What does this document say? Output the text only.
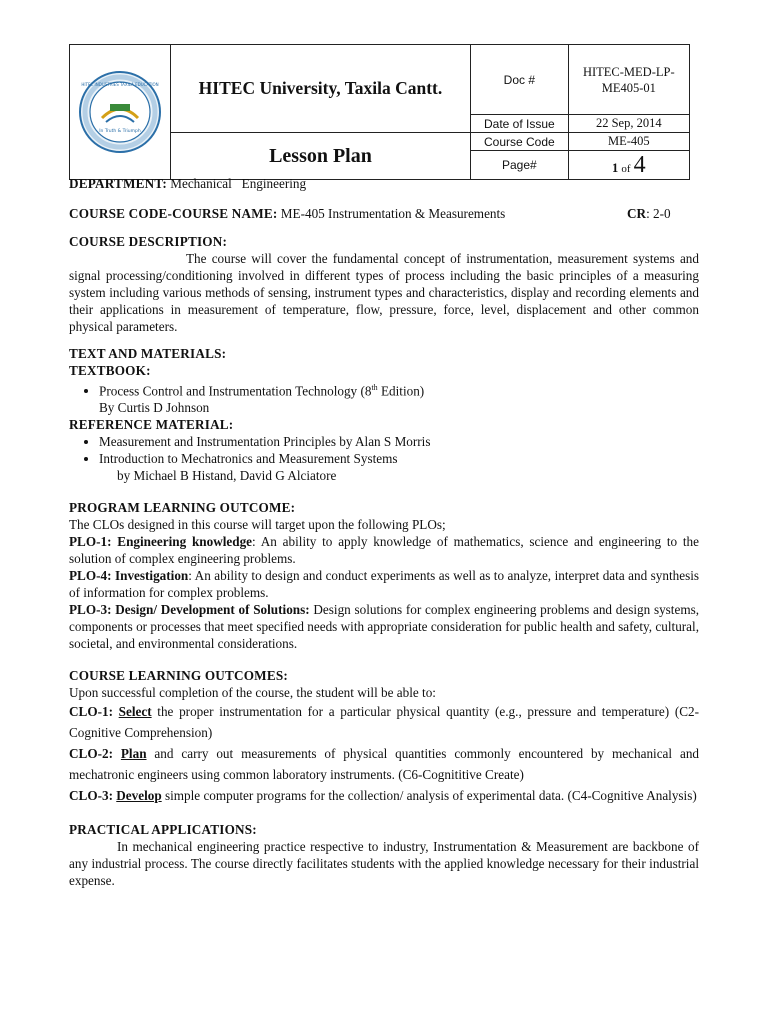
In Truth & Triumph
HITEC INDUSTRIES TAXILA EDUCATION	HITEC University, Taxila Cantt.	Doc #	HITEC-MED-LP-ME405-01
		Date of Issue	22 Sep, 2014

	Lesson Plan	Course Code	ME-405
		Page#	1 of 4

DEPARTMENT: Mechanical   Engineering

COURSE CODE-COURSE NAME: ME-405 Instrumentation & Measurements	CR: 2-0

COURSE DESCRIPTION:

The course will cover the fundamental concept of instrumentation, measurement systems and signal processing/conditioning involved in different types of process including the basic principles of a measuring system including various methods of sensing, instrument types and characteristics, display and recording elements and their applications in measurement of temperature, flow, pressure, force, level, displacement and other common physical parameters.

TEXT AND MATERIALS:

TEXTBOOK:

• Process Control and Instrumentation Technology (8th Edition)

By Curtis D Johnson

REFERENCE MATERIAL:

• Measurement and Instrumentation Principles by Alan S Morris
• Introduction to Mechatronics and Measurement Systems

by Michael B Histand, David G Alciatore

PROGRAM LEARNING OUTCOME:

The CLOs designed in this course will target upon the following PLOs;

PLO-1: Engineering knowledge: An ability to apply knowledge of mathematics, science and engineering to the solution of complex engineering problems.

PLO-4: Investigation: An ability to design and conduct experiments as well as to analyze, interpret data and synthesis of information for complex problems.

PLO-3: Design/ Development of Solutions: Design solutions for complex engineering problems and design systems, components or processes that meet specified needs with appropriate consideration for public health and safety, cultural, societal, and environmental considerations.

COURSE LEARNING OUTCOMES:

Upon successful completion of the course, the student will be able to:

CLO-1: Select the proper instrumentation for a particular physical quantity (e.g., pressure and temperature) (C2-Cognitive Comprehension)

CLO-2: Plan and carry out measurements of physical quantities commonly encountered by mechanical and mechatronic engineers using common laboratory instruments. (C6-Cognititive Create)

CLO-3: Develop simple computer programs for the collection/ analysis of experimental data. (C4-Cognitive Analysis)

PRACTICAL APPLICATIONS:

In mechanical engineering practice respective to industry, Instrumentation & Measurement are backbone of any industrial process. The course directly facilitates students with the applied knowledge necessary for their industrial expense.
